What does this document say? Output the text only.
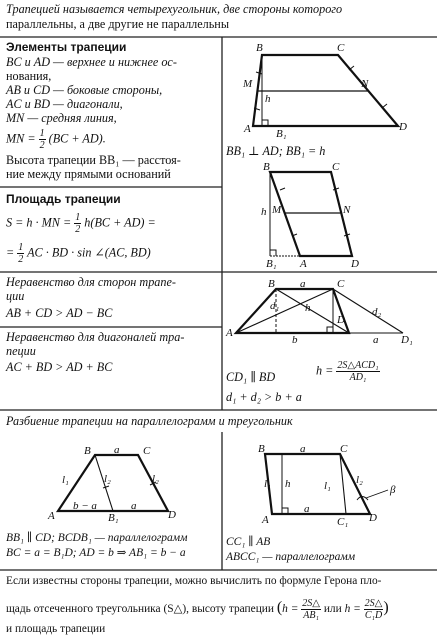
Трапецией называется четырехугольник, две стороны которого
параллельны, а две другие не параллельны
Элементы трапеции
BC и AD — верхнее и нижнее ос-
нования,
AB и CD — боковые стороны,
AC и BD — диагонали,
MN — средняя линия,
MN = $\frac{1}{2} (BC + AD)$.
Высота трапеции BB₁ — расстоя-
ние между прямыми оснований
B	C
A	D
M	N
h
B₁
BB₁ ⊥ AD; BB₁ = h
Площадь трапеции
S = h · MN = $\frac{1}{2} h(BC + AD)$ =
= $\frac{1}{2}$ AC · BD · sin ∠(AC, BD)
B	C
M	N
h
B₁ A	D
Неравенство для сторон трапе-
ции
AB + CD > AD − BC
Неравенство для диагоналей тра-
пеции
AC + BD > AD + BC
B a	C
A
d₁ h
D
d₂
a
b	D₁
CD₁ ∥ BD	$h = \frac{\text{2S△ACD₁}}{\text{AD₁}}$
d₁ + d₂ > b + a
Разбиение трапеции на параллелограмм и треугольник
B a C
l₁	l₂	l₂
b − a	a
A	B₁	D
BB₁ ∥ CD; BCDB₁ — параллелограмм
BC = a = B₁D; AD = b ⇒ AB₁ = b − a
B	a	C
l₁ h	l₁ l₂
β
a
A	C₁ D
CC₁ ∥ AB
ABCC₁ — параллелограмм
Если известны стороны трапеции, можно вычислить по формуле Герона пло-
щадь отсеченного треугольника (S△), высоту трапеции ($h = \frac{2S\triangle}{\text{AB₁}}$ или $h = \frac{2S\triangle}{\text{C₁D}}$ )
и площадь трапеции
